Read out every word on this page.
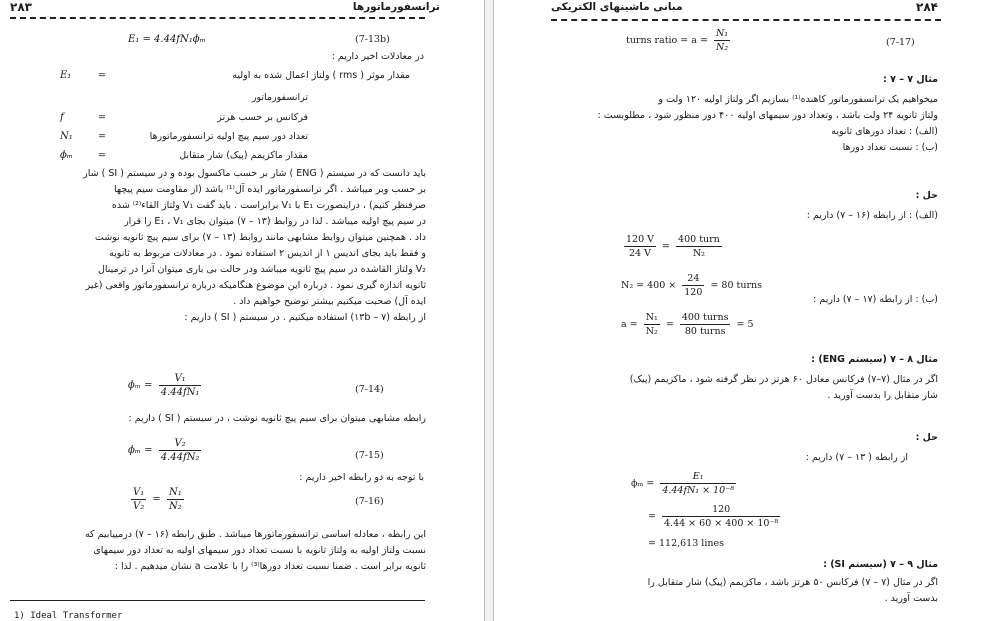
۲۸۳	ترانسفورماتورها
E₁ = 4.44fN₁ϕₘ	(7-13b)
در معادلات اخیر داریم :
E₁	=	مقدار موثر ( rms ) ولتاژ اعمال شده به اولیه
ترانسفورماتور
f	=	فرکانس بر حسب هرتز
N₁	=	تعداد دور سیم پیچ اولیه ترانسفورماتورها
ϕₘ	=	مقدار ماکزیمم (پیک) شار متقابل
باید دانست که در سیستم ( ENG ) شار بر حسب ماکسول بوده و در سیستم ( SI ) شار
بر حسب وبر میباشد . اگر ترانسفورماتور ایده آل⁽¹⁾ باشد (از مقاومت سیم پیچها
صرفنظر کنیم) ، دراینصورت E₁ با V₁ برابراست . باید گفت V₁ ولتاژ القاء⁽²⁾ شده
در سیم پیچ اولیه میباشد . لذا در روابط (۱۳ – ۷) میتوان بجای E₁ ، V₁ را قرار
داد . همچنین میتوان روابط مشابهی مانند روابط (۱۳ – ۷) برای سیم پیچ ثانویه نوشت
و فقط باید بجای اندیس ۱ از اندیس ۲ استفاده نمود . در معادلات مربوط به ثانویه
V₂ ولتاژ القاشده در سیم پیچ ثانویه میباشد ودر حالت بی باری میتوان آنرا در ترمینال
ثانویه اندازه گیری نمود . درباره این موضوع هنگامیکه درباره ترانسفورماتور واقعی (غیر
ایده آل) صحبت میکنیم بیشتر توضیح خواهیم داد .
از رابطه (۱۳b – ۷) استفاده میکنیم . در سیستم ( SI ) داریم :
$\phi_m = \frac{\text{V₁}}{\text{4.44fN₁}}$	(7-14)
رابطه مشابهی میتوان برای سیم پیچ ثانویه نوشت ، در سیستم ( SI ) داریم :
$\phi_m = \frac{\text{V₂}}{\text{4.44fN₂}}$	(7-15)
با توجه به دو رابطه اخیر داریم :
$\frac{\text{V₁}}{\text{V₂}} = \frac{\text{N₁}}{\text{N₂}}$	(7-16)
این رابطه ، معادله اساسی ترانسفورماتورها میباشد . طبق رابطه (۱۶ – ۷) درمییابیم که
نسبت ولتاژ اولیه به ولتاژ ثانویه با نسبت تعداد دور سیمهای اولیه به تعداد دور سیمهای
ثانویه برابر است . ضمنا نسبت تعداد دورها⁽³⁾ را با علامت a نشان میدهیم . لذا :
1) Ideal Transformer
۲۸۴
مبانی ماشینهای الکتریکی
turns ratio = $a = \frac{\text{N₁}}{\text{N₂}}$	(7-17)
مثال ۷ – ۷ :
میخواهیم یک ترانسفورماتور کاهنده⁽¹⁾ بسازیم اگر ولتاژ اولیه ۱۲۰ ولت و
ولتاژ ثانویه ۲۴ ولت باشد ، وتعداد دور سیمهای اولیه ۴۰۰ دور منظور شود ، مطلوبست :
(الف) : تعداد دورهای ثانویه
(ب) : نسبت تعداد دورها
حل :
(الف) : از رابطه (۱۶ – ۷) داریم :
$\frac{120 V}{24 V} = \frac{\text{400 turn}}{\text{N₂}}$
$N_2 = 400 \times \frac{24}{120} = 80$ turns
(ب) : از رابطه (۱۷ – ۷) داریم :
$a = \frac{\text{N₁}}{\text{N₂}} = \frac{\text{400 turns}}{\text{80 turns}} = 5$
مثال ۸ – ۷ (سیستم ENG) :
اگر در مثال (۷–۷) فرکانس معادل ۶۰ هرتز در نظر گرفته شود ، ماکزیمم (پیک)
شار متقابل را بدست آورید .
حل :
از رابطه ( ۱۳ – ۷) داریم :
$\phi_m = \frac{\text{E₁}}{\text{4.44fN₁ × 10⁻⁸}}$
= $\frac{120}{\text{4.44 × 60 × 400 × 10⁻⁸}}$
= 112,613 lines
مثال ۹ – ۷ (سیستم SI) :
اگر در مثال (۷ – ۷) فرکانس ۵۰ هرتز باشد ، ماکزیمم (پیک) شار متقابل را
بدست آورید .
